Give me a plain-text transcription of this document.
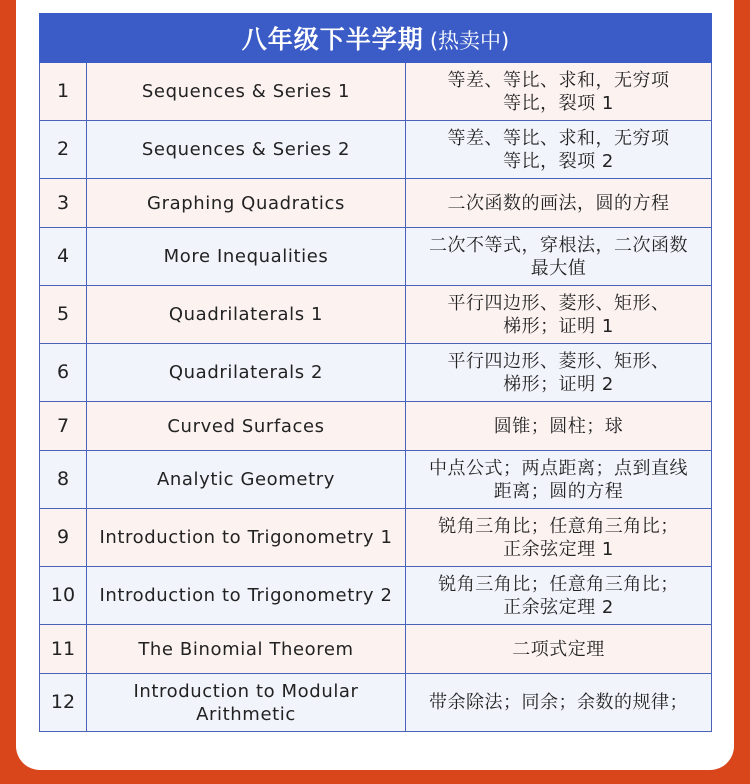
八年级下半学期 (热卖中)		
1	Sequences & Series 1	等差、等比、求和，无穷项
等比，裂项 1

2	Sequences & Series 2	等差、等比、求和，无穷项
等比，裂项 2

3	Graphing Quadratics	二次函数的画法，圆的方程

4	More Inequalities	二次不等式，穿根法，二次函数
最大值

5	Quadrilaterals 1	平行四边形、菱形、矩形、
梯形；证明 1

6	Quadrilaterals 2	平行四边形、菱形、矩形、
梯形；证明 2

7	Curved Surfaces	圆锥；圆柱；球

8	Analytic Geometry	中点公式；两点距离；点到直线
距离；圆的方程

9	Introduction to Trigonometry 1	锐角三角比；任意角三角比；
正余弦定理 1

10	Introduction to Trigonometry 2	锐角三角比；任意角三角比；
正余弦定理 2

11	The Binomial Theorem	二项式定理

12	Introduction to Modular Arithmetic	带余除法；同余；余数的规律；
